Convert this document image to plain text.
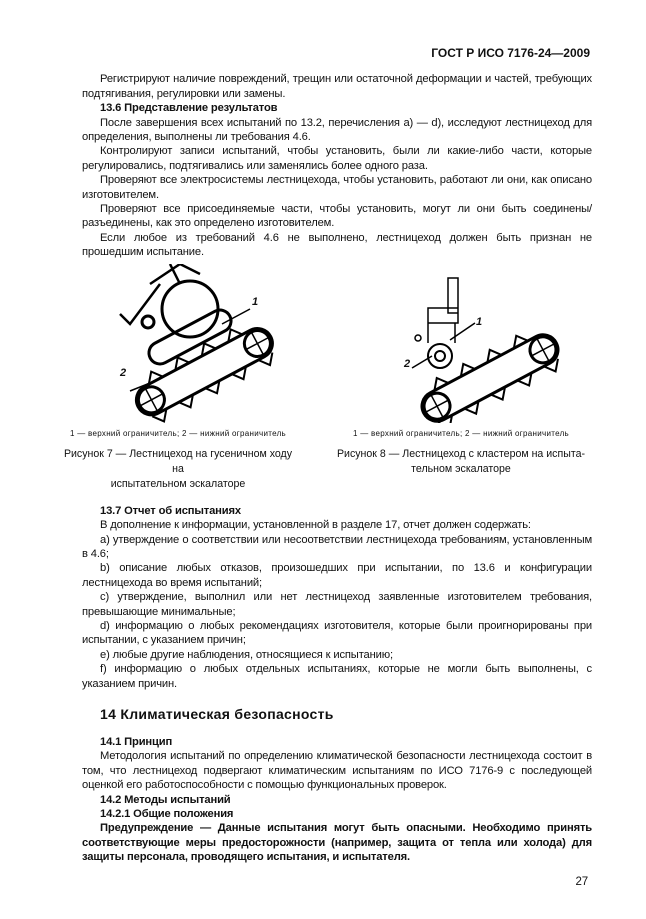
ГОСТ Р ИСО 7176-24—2009

Регистрируют наличие повреждений, трещин или остаточной деформации и частей, требующих подтягивания, регулировки или замены.

13.6 Представление результатов

После завершения всех испытаний по 13.2, перечисления а) — d), исследуют лестницеход для определения, выполнены ли требования 4.6.

Контролируют записи испытаний, чтобы установить, были ли какие-либо части, которые регулировались, подтягивались или заменялись более одного раза.

Проверяют все электросистемы лестницехода, чтобы установить, работают ли они, как описано изготовителем.

Проверяют все присоединяемые части, чтобы установить, могут ли они быть соединены/разъединены, как это определено изготовителем.

Если любое из требований 4.6 не выполнено, лестницеход должен быть признан не прошедшим испытание.

1
2
1 — верхний ограничитель; 2 — нижний ограничитель
Рисунок 7 — Лестницеход на гусеничном ходу на
испытательном эскалаторе
1
2
1 — верхний ограничитель; 2 — нижний ограничитель
Рисунок 8 — Лестницеход с кластером на испыта-
тельном эскалаторе
13.7 Отчет об испытаниях

В дополнение к информации, установленной в разделе 17, отчет должен содержать:

а) утверждение о соответствии или несоответствии лестницехода требованиям, установленным в 4.6;

b) описание любых отказов, произошедших при испытании, по 13.6 и конфигурации лестницехода во время испытаний;

с) утверждение, выполнил или нет лестницеход заявленные изготовителем требования, превышающие минимальные;

d) информацию о любых рекомендациях изготовителя, которые были проигнорированы при испытании, с указанием причин;

е) любые другие наблюдения, относящиеся к испытанию;

f) информацию о любых отдельных испытаниях, которые не могли быть выполнены, с указанием причин.

14 Климатическая безопасность
14.1 Принцип

Методология испытаний по определению климатической безопасности лестницехода состоит в том, что лестницеход подвергают климатическим испытаниям по ИСО 7176-9 с последующей оценкой его работоспособности с помощью функциональных проверок.

14.2 Методы испытаний
14.2.1 Общие положения

Предупреждение — Данные испытания могут быть опасными. Необходимо принять соответствующие меры предосторожности (например, защита от тепла или холода) для защиты персонала, проводящего испытания, и испытателя.

27
